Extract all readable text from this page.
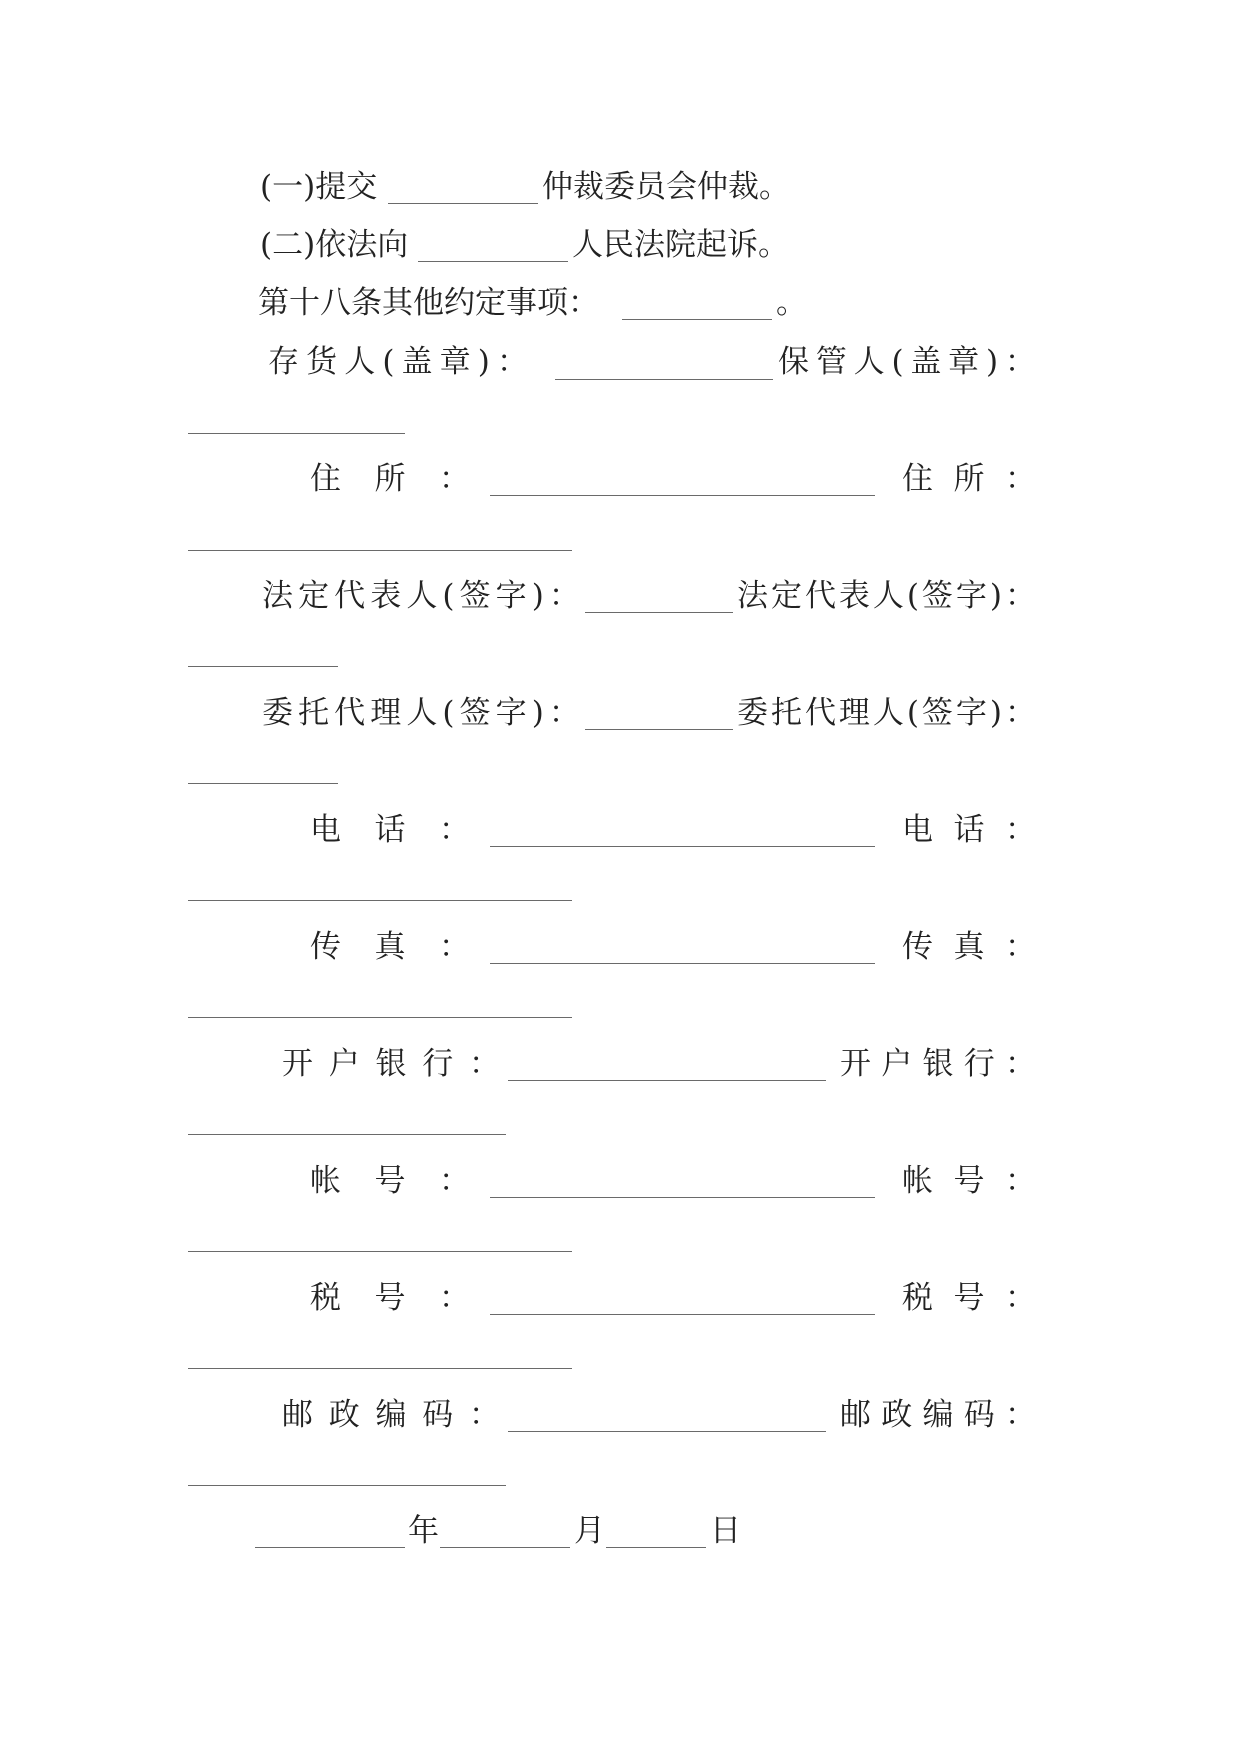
(一)提交	仲裁委员会仲裁。
(二)依法向	人民法院起诉。
第十八条其他约定事项：	。
存 货 人 ( 盖 章 ) ：	保 管 人 ( 盖 章 ) ：
住 所 ：	住 所 ：
法 定 代 表 人 ( 签 字 ) ：	法 定 代 表 人 ( 签 字 ) ：
委 托 代 理 人 ( 签 字 ) ：	委 托 代 理 人 ( 签 字 ) ：
电 话 ：	电 话 ：
传 真 ：	传 真 ：
开 户 银 行 ：	开 户 银 行 ：
帐 号 ：	帐 号 ：
税 号 ：	税 号 ：
邮 政 编 码 ：	邮 政 编 码 ：
年	月	日
